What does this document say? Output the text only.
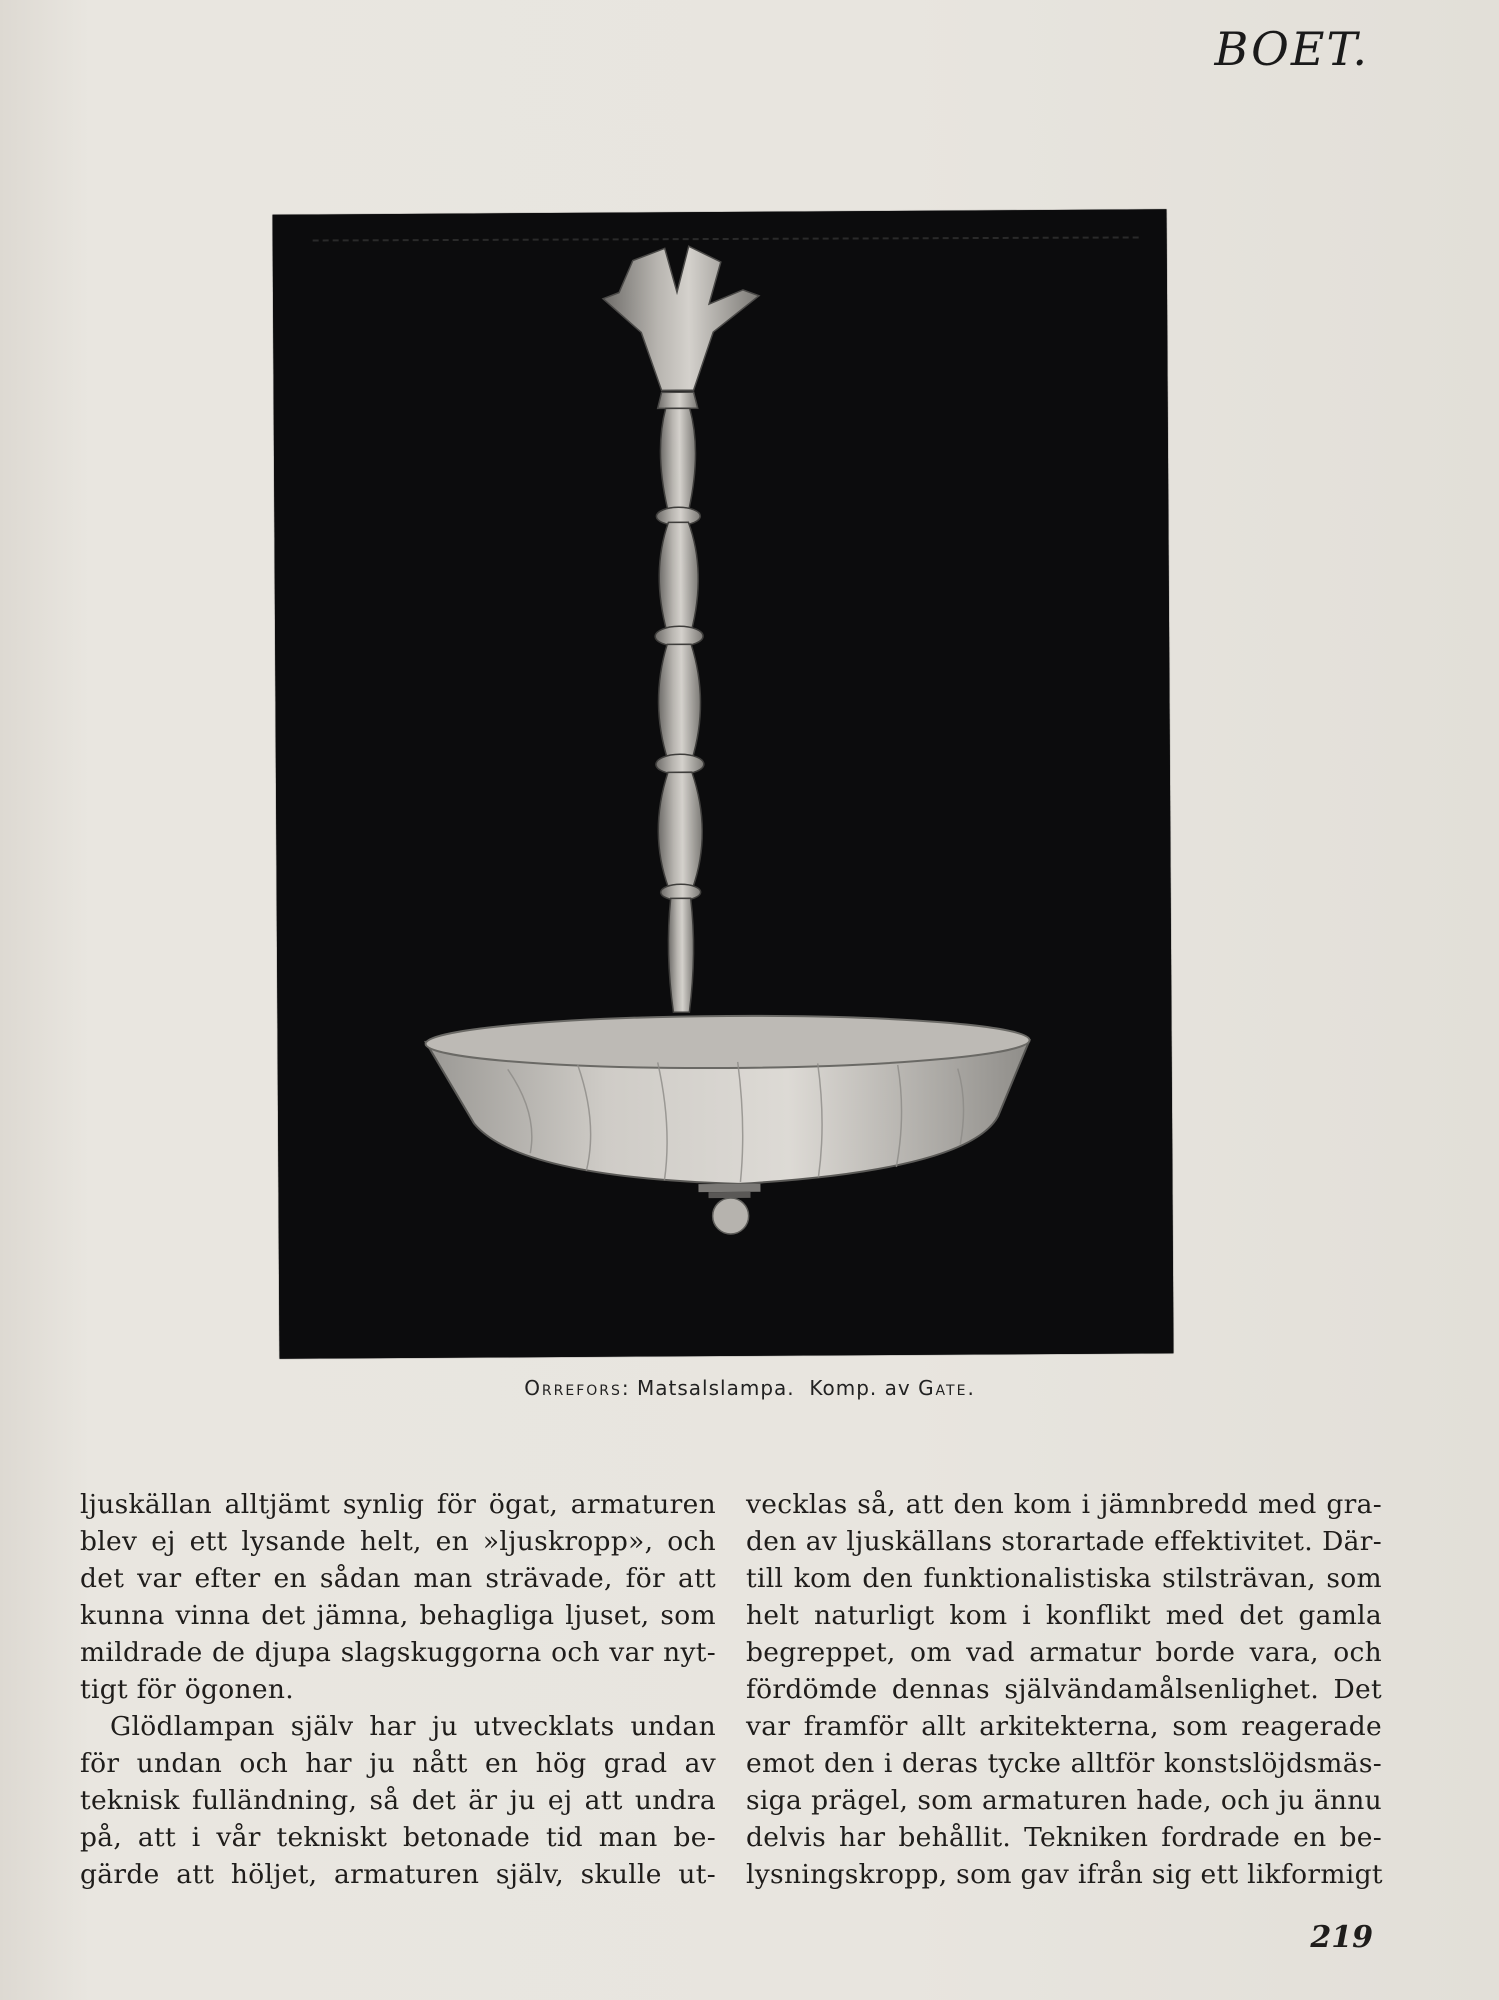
BOET.
Orrefors: Matsalslampa. Komp. av Gate.
ljuskällan alltjämt synlig för ögat, armaturen
blev ej ett lysande helt, en »ljuskropp», och
det var efter en sådan man strävade, för att
kunna vinna det jämna, behagliga ljuset, som
mildrade de djupa slagskuggorna och var nyt-
tigt för ögonen.
Glödlampan själv har ju utvecklats undan
för undan och har ju nått en hög grad av
teknisk fulländning, så det är ju ej att undra
på, att i vår tekniskt betonade tid man be-
gärde att höljet, armaturen själv, skulle ut-
vecklas så, att den kom i jämnbredd med gra-
den av ljuskällans storartade effektivitet. Där-
till kom den funktionalistiska stilsträvan, som
helt naturligt kom i konflikt med det gamla
begreppet, om vad armatur borde vara, och
fördömde dennas självändamålsenlighet. Det
var framför allt arkitekterna, som reagerade
emot den i deras tycke alltför konstslöjdsmäs-
siga prägel, som armaturen hade, och ju ännu
delvis har behållit. Tekniken fordrade en be-
lysningskropp, som gav ifrån sig ett likformigt
219
